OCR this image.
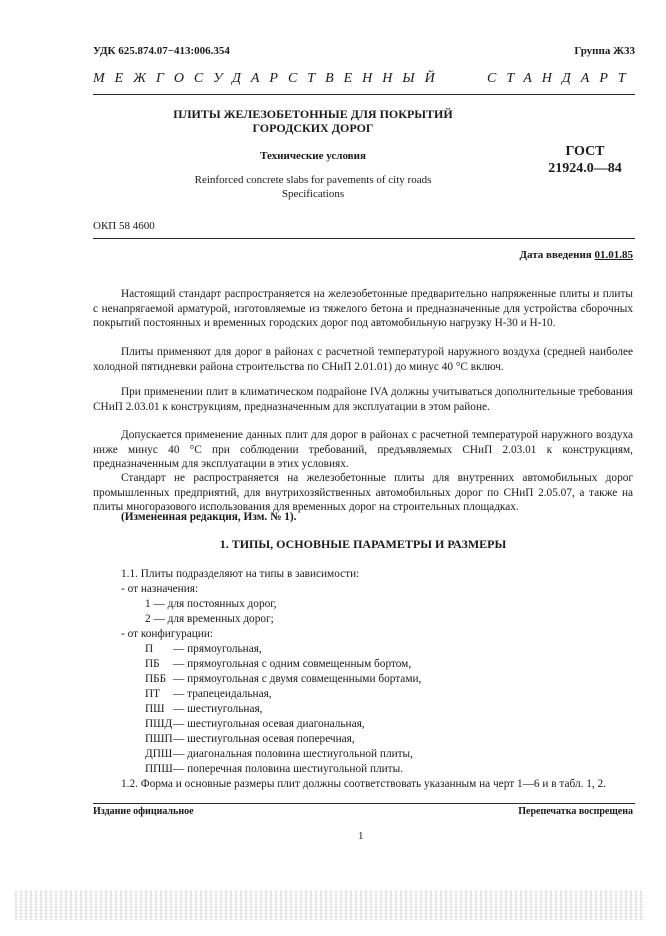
УДК 625.874.07−413:006.354	Группа Ж33
МЕЖГОСУДАРСТВЕННЫЙ	СТАНДАРТ
ПЛИТЫ ЖЕЛЕЗОБЕТОННЫЕ ДЛЯ ПОКРЫТИЙ
ГОРОДСКИХ ДОРОГ
Технические условия
Reinforced concrete slabs for pavements of city roads
Specifications
ГОСТ
21924.0—84
ОКП 58 4600
Дата введения 01.01.85
Настоящий стандарт распространяется на железобетонные предварительно напряженные плиты и плиты с ненапрягаемой арматурой, изготовляемые из тяжелого бетона и предназначенные для устройства сборочных покрытий постоянных и временных городских дорог под автомобильную нагрузку Н-30 и Н-10.
Плиты применяют для дорог в районах с расчетной температурой наружного воздуха (средней наиболее холодной пятидневки района строительства по СНиП 2.01.01) до минус 40 °С включ.
При применении плит в климатическом подрайоне IVA должны учитываться дополнительные требования СНиП 2.03.01 к конструкциям, предназначенным для эксплуатации в этом районе.
Допускается применение данных плит для дорог в районах с расчетной температурой наружного воздуха ниже минус 40 °С при соблюдении требований, предъявляемых СНиП 2.03.01 к конструкциям, предназначенным для эксплуатации в этих условиях.
Стандарт не распространяется на железобетонные плиты для внутренних автомобильных дорог промышленных предприятий, для внутрихозяйственных автомобильных дорог по СНиП 2.05.07, а также на плиты многоразового использования для временных дорог на строительных площадках.
(Измененная редакция, Изм. № 1).
1. ТИПЫ, ОСНОВНЫЕ ПАРАМЕТРЫ И РАЗМЕРЫ
1.1. Плиты подразделяют на типы в зависимости:
- от назначения:
1 — для постоянных дорог,
2 — для временных дорог;
- от конфигурации:
П — прямоугольная,
ПБ — прямоугольная с одним совмещенным бортом,
ПББ — прямоугольная с двумя совмещенными бортами,
ПТ — трапецеидальная,
ПШ — шестиугольная,
ПШД— шестиугольная осевая диагональная,
ПШП— шестиугольная осевая поперечная,
ДПШ— диагональная половина шестиугольной плиты,
ППШ— поперечная половина шестиугольной плиты.
1.2. Форма и основные размеры плит должны соответствовать указанным на черт 1—6 и в табл. 1, 2.
Издание официальное	Перепечатка воспрещена
1
